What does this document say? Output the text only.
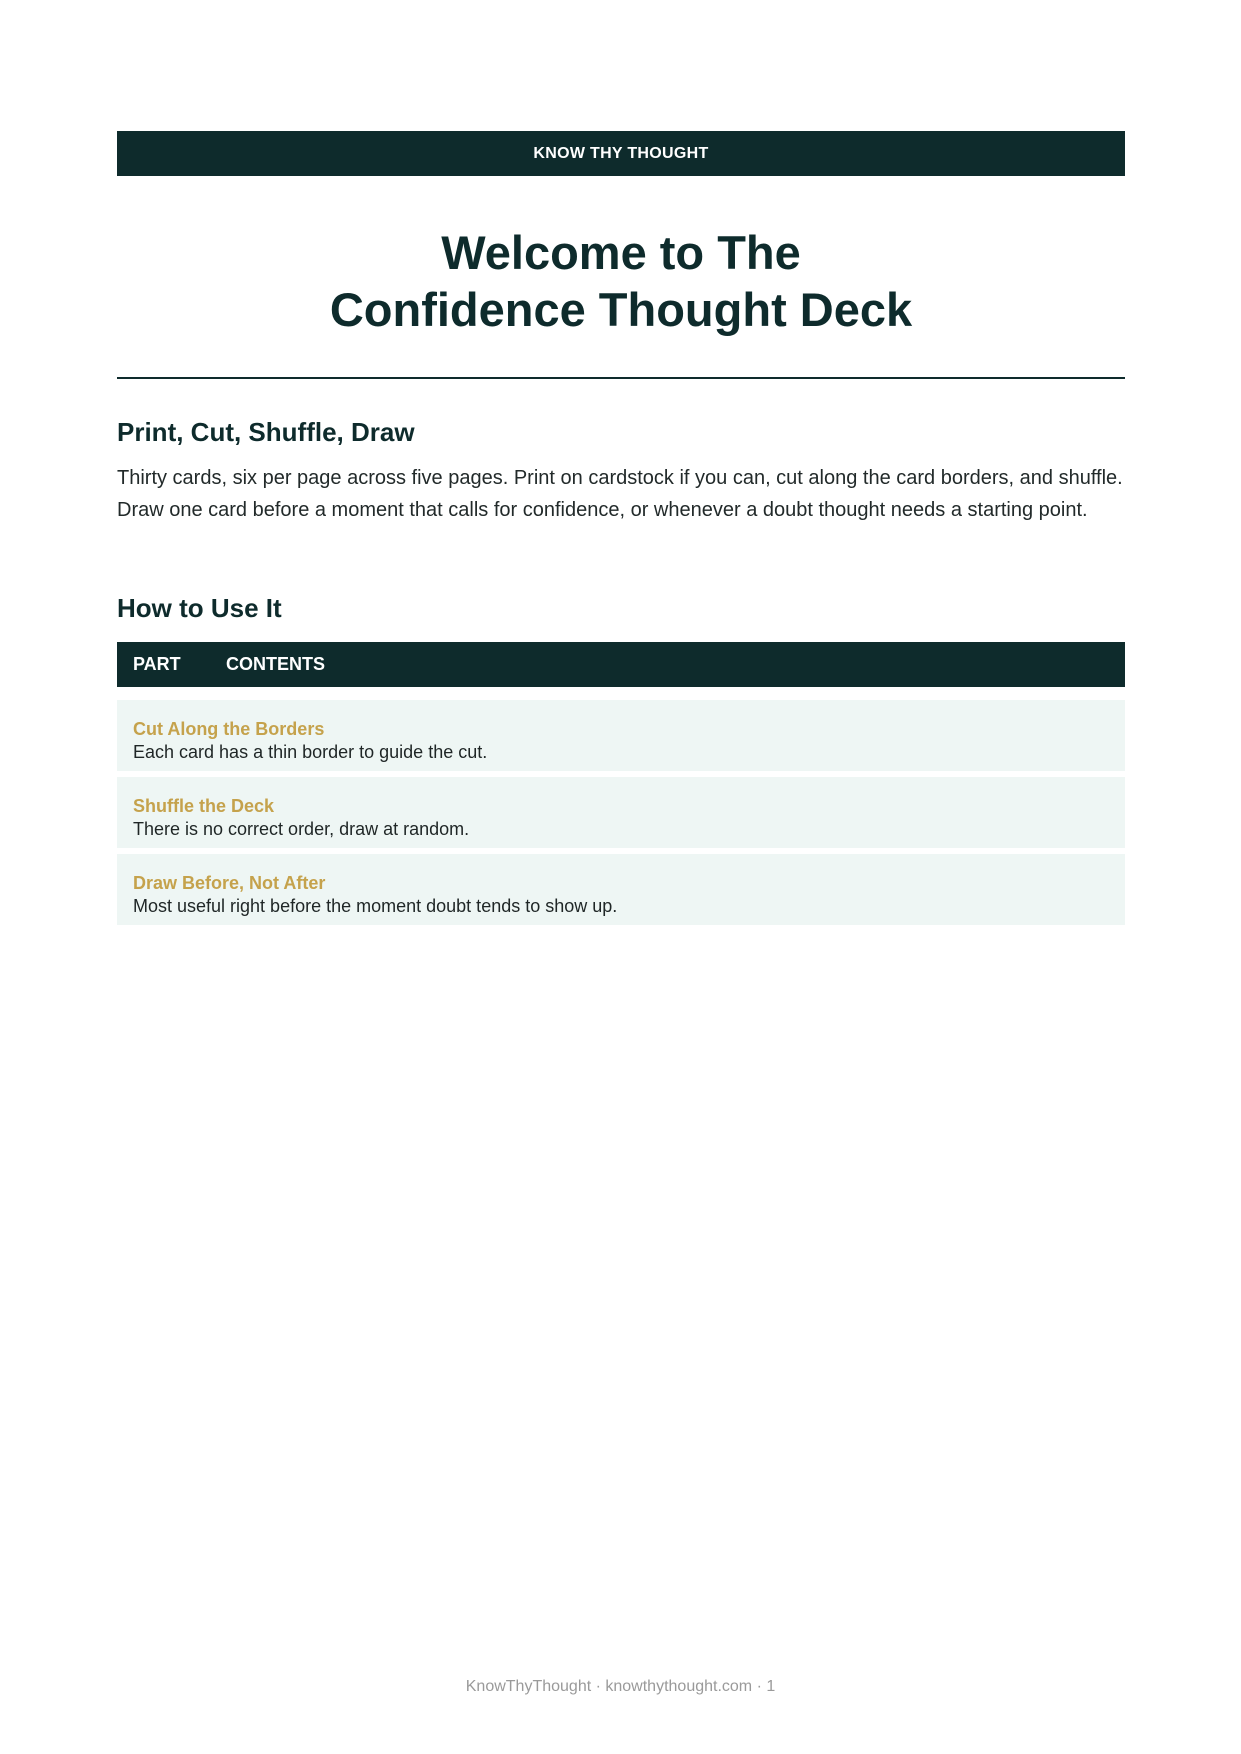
KNOW THY THOUGHT
Welcome to The
Confidence Thought Deck
Print, Cut, Shuffle, Draw

Thirty cards, six per page across five pages. Print on cardstock if you can, cut along the card borders, and shuffle. Draw one card before a moment that calls for confidence, or whenever a doubt thought needs a starting point.

How to Use It
PART	CONTENTS
Cut Along the Borders
Each card has a thin border to guide the cut.
Shuffle the Deck
There is no correct order, draw at random.
Draw Before, Not After
Most useful right before the moment doubt tends to show up.
KnowThyThought · knowthythought.com · 1
